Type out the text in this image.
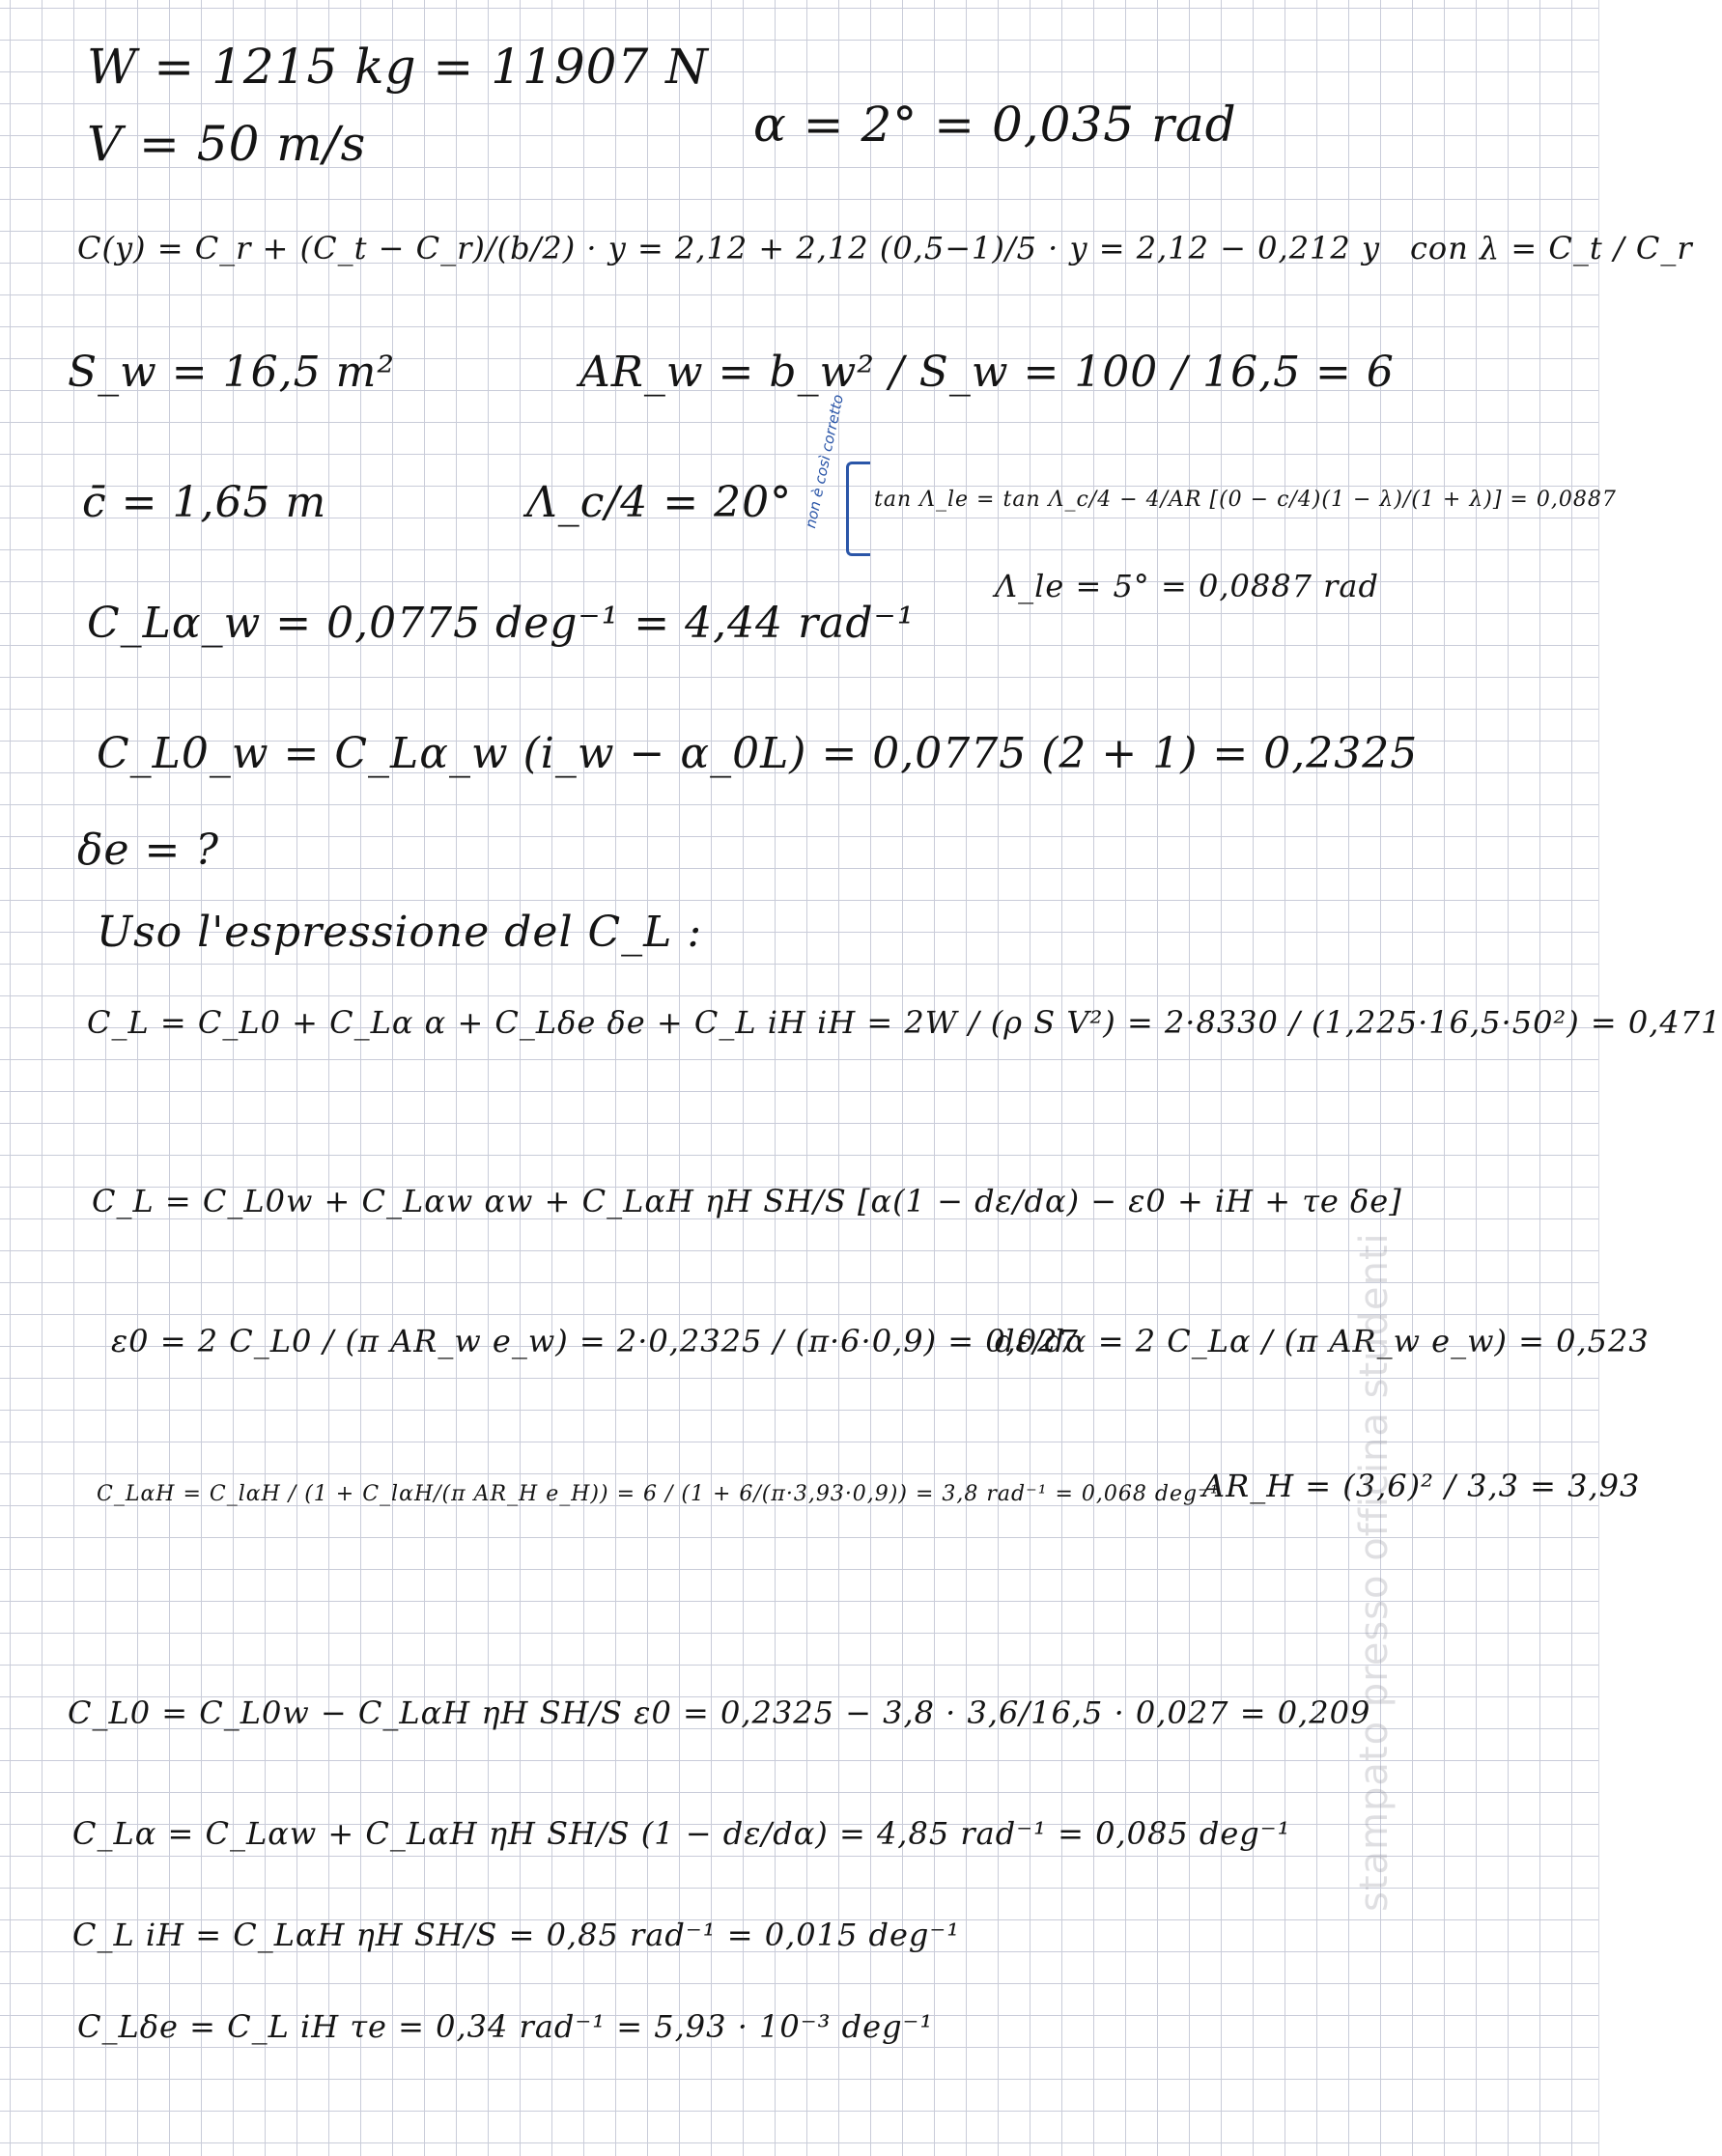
W = 1215 kg = 11907 N
V = 50 m/s	α = 2° = 0,035 rad
C(y) = C_r + (C_t − C_r)/(b/2) · y = 2,12 + 2,12 (0,5−1)/5 · y = 2,12 − 0,212 y con λ = C_t / C_r
S_w = 16,5 m²	AR_w = b_w² / S_w = 100 / 16,5 = 6
c̄ = 1,65 m	Λ_c/4 = 20° non è così corretto tan Λ_le = tan Λ_c/4 − 4/AR [(0 − c/4)(1 − λ)/(1 + λ)] = 0,0887
Λ_le = 5° = 0,0887 rad
C_Lα_w = 0,0775 deg⁻¹ = 4,44 rad⁻¹
C_L0_w = C_Lα_w (i_w − α_0L) = 0,0775 (2 + 1) = 0,2325
δe = ?
Uso l'espressione del C_L :
C_L = C_L0 + C_Lα α + C_Lδe δe + C_L iH iH = 2W / (ρ S V²) = 2·8330 / (1,225·16,5·50²) = 0,471
C_L = C_L0w + C_Lαw αw + C_LαH ηH SH/S [α(1 − dε/dα) − ε0 + iH + τe δe]
ε0 = 2 C_L0 / (π AR_w e_w) = 2·0,2325 / (π·6·0,9) = 0,027
dε/dα = 2 C_Lα / (π AR_w e_w) = 0,523
C_LαH = C_lαH / (1 + C_lαH/(π AR_H e_H)) = 6 / (1 + 6/(π·3,93·0,9)) = 3,8 rad⁻¹ = 0,068 deg⁻¹
AR_H = (3,6)² / 3,3 = 3,93
C_L0 = C_L0w − C_LαH ηH SH/S ε0 = 0,2325 − 3,8 · 3,6/16,5 · 0,027 = 0,209
C_Lα = C_Lαw + C_LαH ηH SH/S (1 − dε/dα) = 4,85 rad⁻¹ = 0,085 deg⁻¹
C_L iH = C_LαH ηH SH/S = 0,85 rad⁻¹ = 0,015 deg⁻¹
C_Lδe = C_L iH τe = 0,34 rad⁻¹ = 5,93 · 10⁻³ deg⁻¹
stampato presso officina studenti
